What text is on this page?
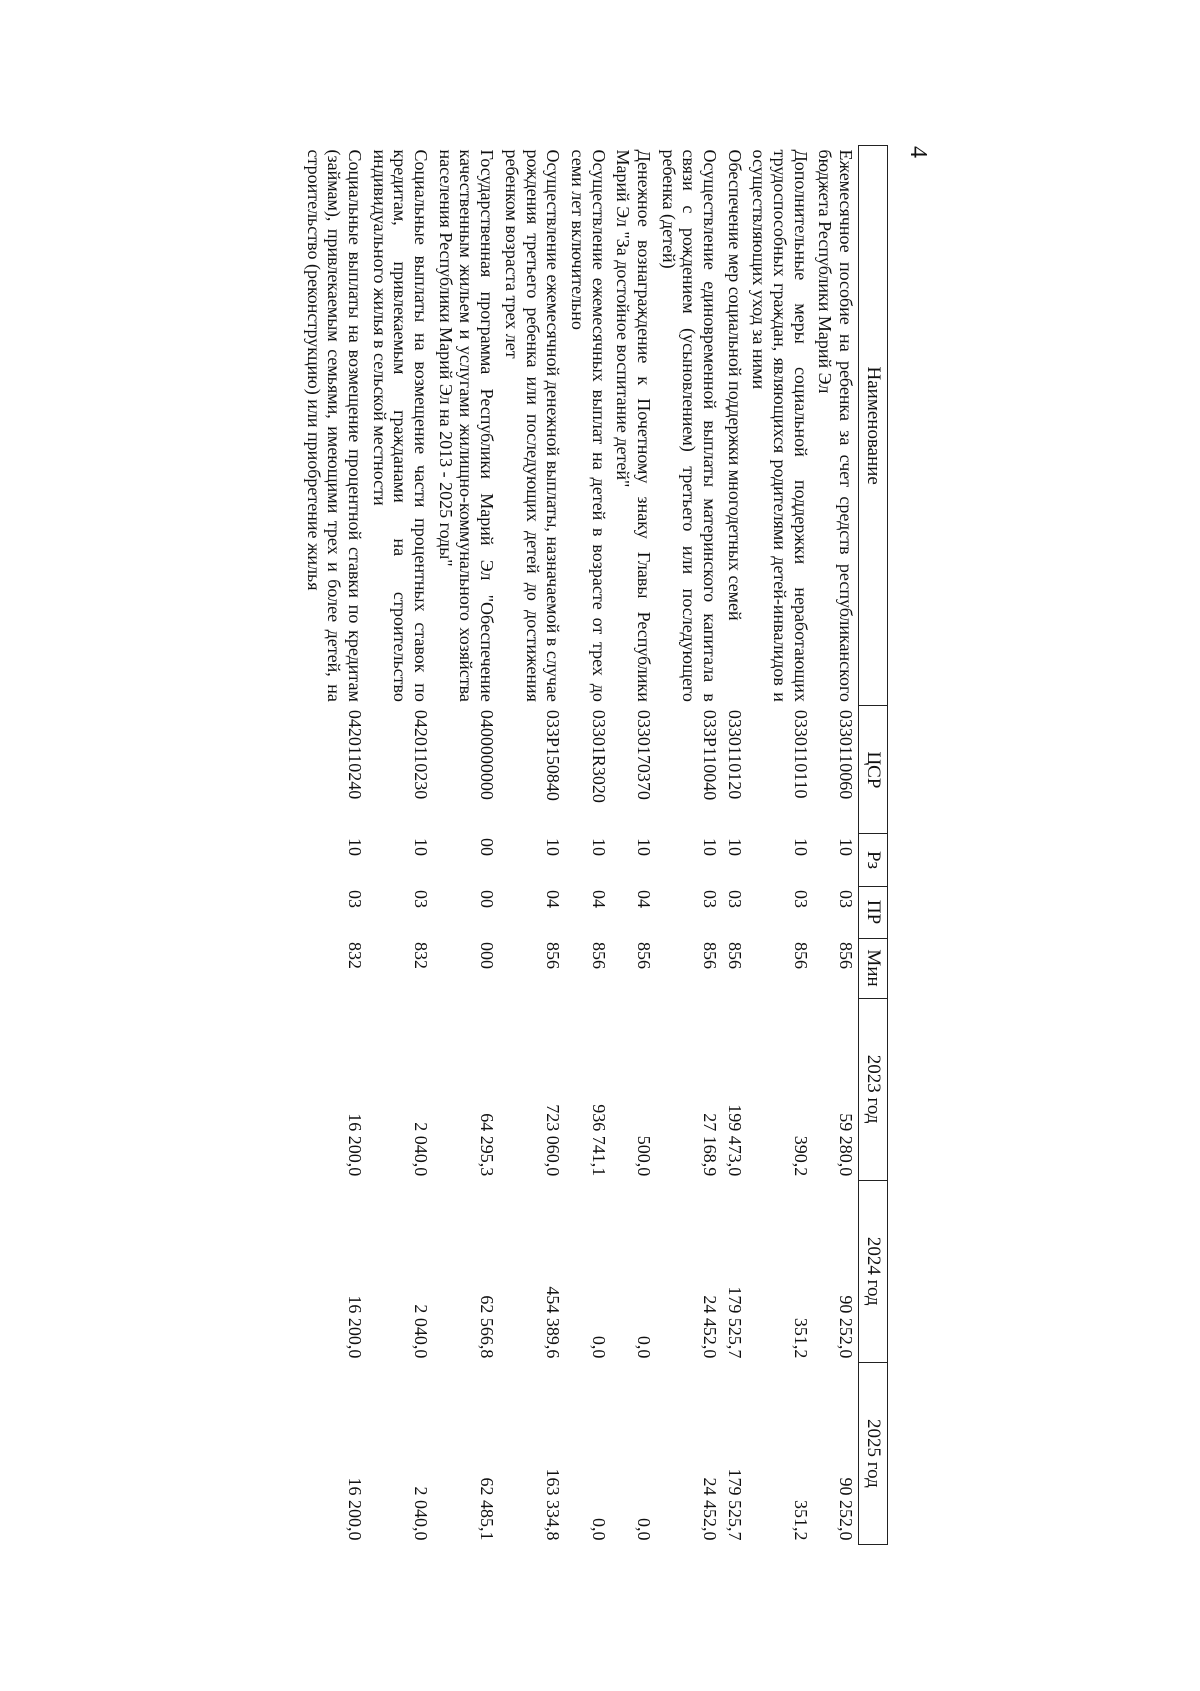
4
Наименование	ЦСР	Рз	ПР	Мин	2023 год	2024 год	2025 год
Ежемесячное пособие на ребенка за счет средств республиканского бюджета Республики Марий Эл	0330110060	10	03	856	59 280,0	90 252,0	90 252,0
Дополнительные меры социальной поддержки неработающих трудоспособных граждан, являющихся родителями детей-инвалидов и осуществляющих уход за ними	0330110110	10	03	856	390,2	351,2	351,2
Обеспечение мер социальной поддержки многодетных семей	0330110120	10	03	856	199 473,0	179 525,7	179 525,7
Осуществление единовременной выплаты материнского капитала в связи с рождением (усыновлением) третьего или последующего ребенка (детей)	033Р110040	10	03	856	27 168,9	24 452,0	24 452,0
Денежное вознаграждение к Почетному знаку Главы Республики Марий Эл "За достойное воспитание детей"	0330170370	10	04	856	500,0	0,0	0,0
Осуществление ежемесячных выплат на детей в возрасте от трех до семи лет включительно	03301R3020	10	04	856	936 741,1	0,0	0,0
Осуществление ежемесячной денежной выплаты, назначаемой в случае рождения третьего ребенка или последующих детей до достижения ребенком возраста трех лет	033Р150840	10	04	856	723 060,0	454 389,6	163 334,8
Государственная программа Республики Марий Эл "Обеспечение качественным жильем и услугами жилищно-коммунального хозяйства населения Республики Марий Эл на 2013 - 2025 годы"	0400000000	00	00	000	64 295,3	62 566,8	62 485,1
Социальные выплаты на возмещение части процентных ставок по кредитам, привлекаемым гражданами на строительство индивидуального жилья в сельской местности	0420110230	10	03	832	2 040,0	2 040,0	2 040,0
Социальные выплаты на возмещение процентной ставки по кредитам (займам), привлекаемым семьями, имеющими трех и более детей, на строительство (реконструкцию) или приобретение жилья	0420110240	10	03	832	16 200,0	16 200,0	16 200,0
